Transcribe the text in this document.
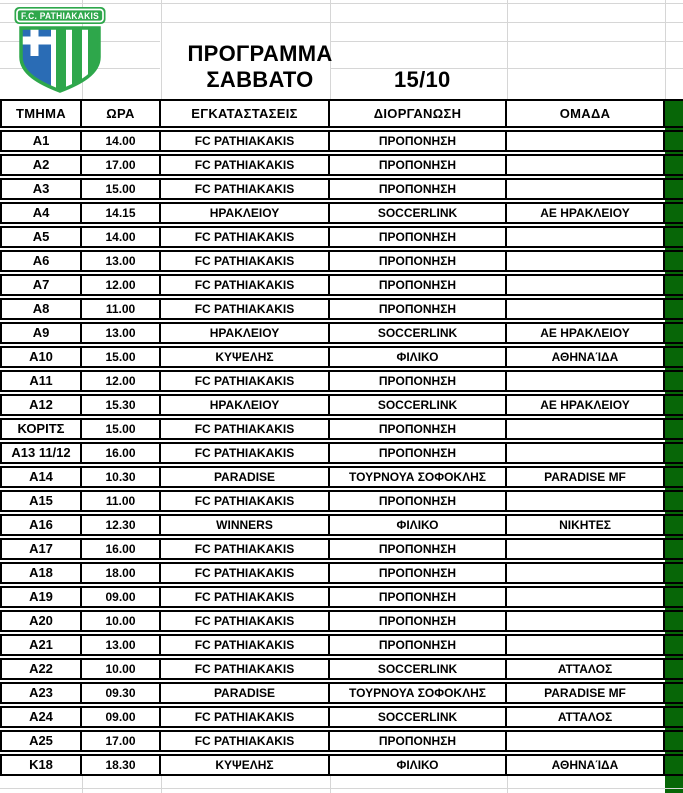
F.C. PATHIAKAKIS
ΠΡΟΓΡΑΜΜΑ
ΣΑΒΒΑΤΟ	15/10
ΤΜΗΜΑ	ΩΡΑ	ΕΓΚΑΤΑΣΤΑΣΕΙΣ	ΔΙΟΡΓΑΝΩΣΗ	ΟΜΑΔΑ
A1	14.00	FC PATHIAKAKIS	ΠΡΟΠΟΝΗΣΗ
A2	17.00	FC PATHIAKAKIS	ΠΡΟΠΟΝΗΣΗ
A3	15.00	FC PATHIAKAKIS	ΠΡΟΠΟΝΗΣΗ
A4	14.15	ΗΡΑΚΛΕΙΟΥ	SOCCERLINK	ΑΕ ΗΡΑΚΛΕΙΟΥ
A5	14.00	FC PATHIAKAKIS	ΠΡΟΠΟΝΗΣΗ
A6	13.00	FC PATHIAKAKIS	ΠΡΟΠΟΝΗΣΗ
A7	12.00	FC PATHIAKAKIS	ΠΡΟΠΟΝΗΣΗ
A8	11.00	FC PATHIAKAKIS	ΠΡΟΠΟΝΗΣΗ
A9	13.00	ΗΡΑΚΛΕΙΟΥ	SOCCERLINK	ΑΕ ΗΡΑΚΛΕΙΟΥ
A10	15.00	ΚΥΨΕΛΗΣ	ΦΙΛΙΚΟ	ΑΘΗΝΑΊΔΑ
A11	12.00	FC PATHIAKAKIS	ΠΡΟΠΟΝΗΣΗ
A12	15.30	ΗΡΑΚΛΕΙΟΥ	SOCCERLINK	ΑΕ ΗΡΑΚΛΕΙΟΥ
ΚΟΡΙΤΣ	15.00	FC PATHIAKAKIS	ΠΡΟΠΟΝΗΣΗ
A13 11/12	16.00	FC PATHIAKAKIS	ΠΡΟΠΟΝΗΣΗ
A14	10.30	PARADISE	ΤΟΥΡΝΟΥΑ ΣΟΦΟΚΛΗΣ	PARADISE MF
A15	11.00	FC PATHIAKAKIS	ΠΡΟΠΟΝΗΣΗ
A16	12.30	WINNERS	ΦΙΛΙΚΟ	ΝΙΚΗΤΕΣ
A17	16.00	FC PATHIAKAKIS	ΠΡΟΠΟΝΗΣΗ
A18	18.00	FC PATHIAKAKIS	ΠΡΟΠΟΝΗΣΗ
A19	09.00	FC PATHIAKAKIS	ΠΡΟΠΟΝΗΣΗ
A20	10.00	FC PATHIAKAKIS	ΠΡΟΠΟΝΗΣΗ
A21	13.00	FC PATHIAKAKIS	ΠΡΟΠΟΝΗΣΗ
A22	10.00	FC PATHIAKAKIS	SOCCERLINK	ΑΤΤΑΛΟΣ
A23	09.30	PARADISE	ΤΟΥΡΝΟΥΑ ΣΟΦΟΚΛΗΣ	PARADISE MF
A24	09.00	FC PATHIAKAKIS	SOCCERLINK	ΑΤΤΑΛΟΣ
A25	17.00	FC PATHIAKAKIS	ΠΡΟΠΟΝΗΣΗ
K18	18.30	ΚΥΨΕΛΗΣ	ΦΙΛΙΚΟ	ΑΘΗΝΑΊΔΑ
